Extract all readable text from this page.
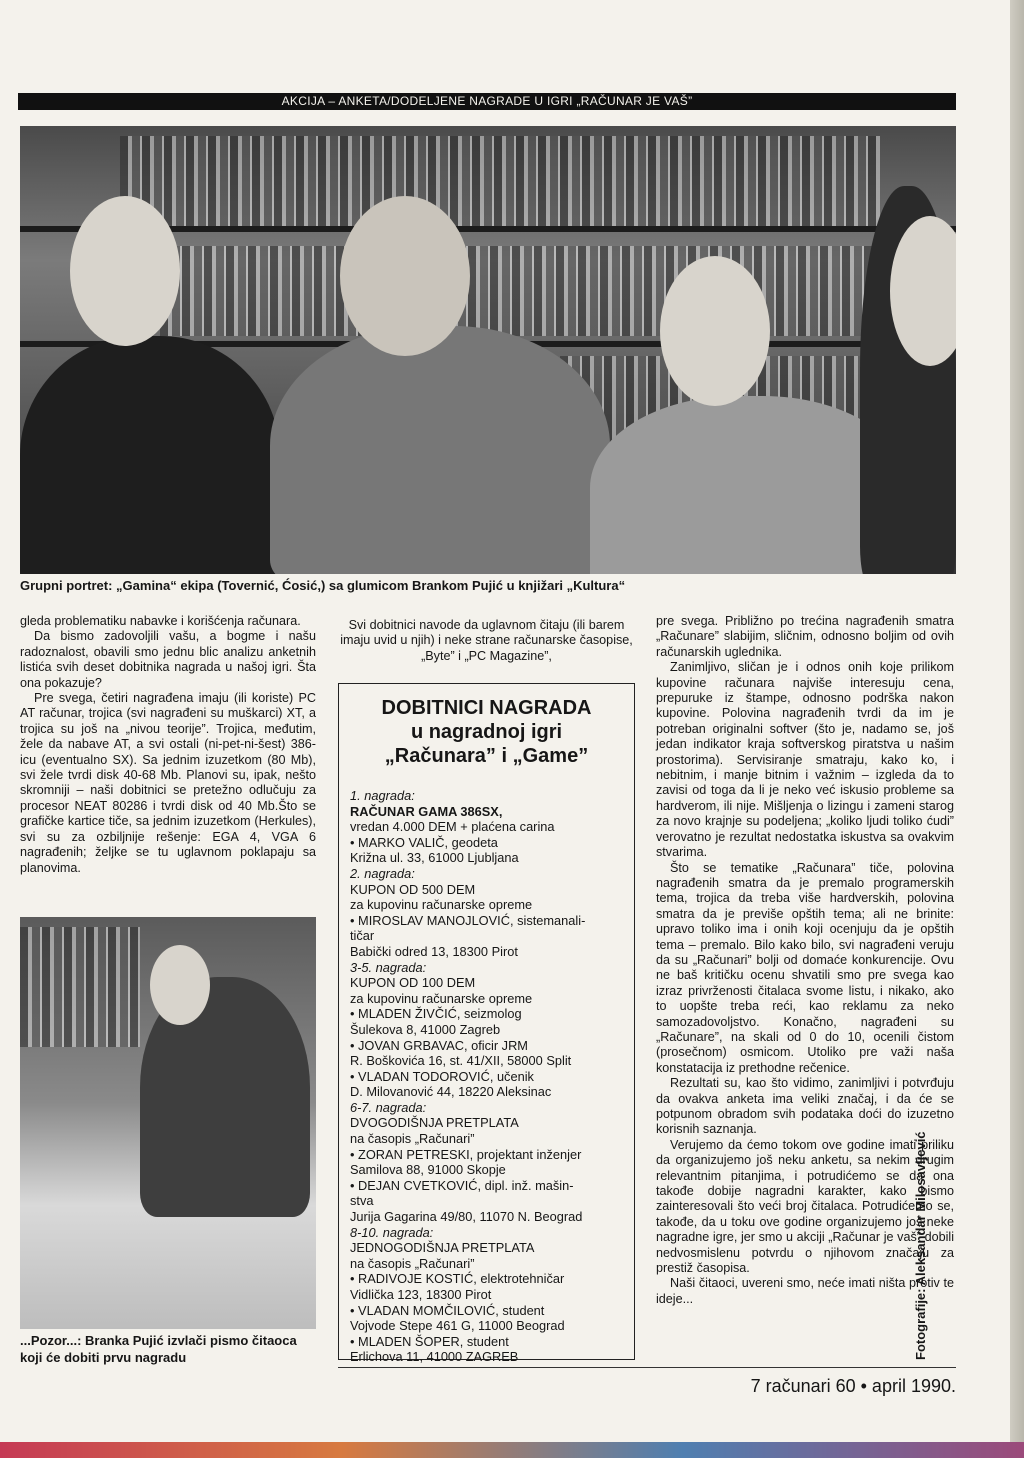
AKCIJA – ANKETA/DODELJENE NAGRADE U IGRI „RAČUNAR JE VAŠ”
Grupni portret: „Gamina“ ekipa (Tovernić, Ćosić,) sa glumicom Brankom Pujić u knjižari „Kultura“

gleda problematiku nabavke i korišćenja računara.

Da bismo zadovoljili vašu, a bogme i našu radoznalost, obavili smo jednu blic analizu anketnih listića svih deset dobitnika nagrada u našoj igri. Šta ona pokazuje?

Pre svega, četiri nagrađena imaju (ili koriste) PC AT računar, trojica (svi nagrađeni su muškarci) XT, a trojica su još na „nivou teorije”. Trojica, međutim, žele da nabave AT, a svi ostali (ni-pet-ni-šest) 386-icu (eventualno SX). Sa jednim izuzetkom (80 Mb), svi žele tvrdi disk 40-68 Mb. Planovi su, ipak, nešto skromniji – naši dobitnici se pretežno odlučuju za procesor NEAT 80286 i tvrdi disk od 40 Mb.Što se grafičke kartice tiče, sa jednim izuzetkom (Herkules), svi su za ozbiljnije rešenje: EGA 4, VGA 6 nagrađenih; željke se tu uglavnom poklapaju sa planovima.

...Pozor...: Branka Pujić izvlači pismo čitaoca koji će dobiti prvu nagradu
Svi dobitnici navode da uglavnom čitaju (ili barem imaju uvid u njih) i neke strane računarske časopise, „Byte” i „PC Magazine”,
DOBITNICI NAGRADA
u nagradnoj igri
„Računara” i „Game”
1. nagrada:
RAČUNAR GAMA 386SX,
vredan 4.000 DEM + plaćena carina
• MARKO VALIČ, geodeta
Križna ul. 33, 61000 Ljubljana
2. nagrada:
KUPON OD 500 DEM
za kupovinu računarske opreme
• MIROSLAV MANOJLOVIĆ, sistemanali-
tičar
Babički odred 13, 18300 Pirot
3-5. nagrada:
KUPON OD 100 DEM
za kupovinu računarske opreme
• MLADEN ŽIVČIĆ, seizmolog
Šulekova 8, 41000 Zagreb
• JOVAN GRBAVAC, oficir JRM
R. Boškovića 16, st. 41/XII, 58000 Split
• VLADAN TODOROVIĆ, učenik
D. Milovanović 44, 18220 Aleksinac
6-7. nagrada:
DVOGODIŠNJA PRETPLATA
na časopis „Računari”
• ZORAN PETRESKI, projektant inženjer
Samilova 88, 91000 Skopje
• DEJAN CVETKOVIĆ, dipl. inž. mašin-
stva
Jurija Gagarina 49/80, 11070 N. Beograd
8-10. nagrada:
JEDNOGODIŠNJA PRETPLATA
na časopis „Računari”
• RADIVOJE KOSTIĆ, elektrotehničar
Vidlička 123, 18300 Pirot
• VLADAN MOMČILOVIĆ, student
Vojvode Stepe 461 G, 11000 Beograd
• MLADEN ŠOPER, student
Erlichova 11, 41000 ZAGREB

pre svega. Približno po trećina nagrađenih smatra „Računare” slabijim, sličnim, odnosno boljim od ovih računarskih uglednika.

Zanimljivo, sličan je i odnos onih koje prilikom kupovine računara najviše interesuju cena, prepuruke iz štampe, odnosno podrška nakon kupovine. Polovina nagrađenih tvrdi da im je potreban originalni softver (što je, nadamo se, još jedan indikator kraja softverskog piratstva u našim prostorima). Servisiranje smatraju, kako ko, i nebitnim, i manje bitnim i važnim – izgleda da to zavisi od toga da li je neko već iskusio probleme sa hardverom, ili nije. Mišljenja o lizingu i zameni starog za novo krajnje su podeljena; „koliko ljudi toliko ćudi” verovatno je rezultat nedostatka iskustva sa ovakvim stvarima.

Što se tematike „Računara” tiče, polovina nagrađenih smatra da je premalo programerskih tema, trojica da treba više hardverskih, polovina smatra da je previše opštih tema; ali ne brinite: upravo toliko ima i onih koji ocenjuju da je opštih tema – premalo. Bilo kako bilo, svi nagrađeni veruju da su „Računari” bolji od domaće konkurencije. Ovu ne baš kritičku ocenu shvatili smo pre svega kao izraz privrženosti čitalaca svome listu, i nikako, ako to uopšte treba reći, kao reklamu za neko samozadovoljstvo. Konačno, nagrađeni su „Računare”, na skali od 0 do 10, ocenili čistom (prosečnom) osmicom. Utoliko pre važi naša konstatacija iz prethodne rečenice.

Rezultati su, kao što vidimo, zanimljivi i potvrđuju da ovakva anketa ima veliki značaj, i da će se potpunom obradom svih podataka doći do izuzetno korisnih saznanja.

Verujemo da ćemo tokom ove godine imati priliku da organizujemo još neku anketu, sa nekim drugim relevantnim pitanjima, i potrudićemo se da ona takođe dobije nagradni karakter, kako bismo zainteresovali što veći broj čitalaca. Potrudićemo se, takođe, da u toku ove godine organizujemo još neke nagradne igre, jer smo u akciji „Računar je vaš” dobili nedvosmislenu potvrdu o njihovom značaju za prestiž časopisa.

Naši čitaoci, uvereni smo, neće imati ništa protiv te ideje...	Fotografije: Aleksandar Milosavljević
7 računari 60 • april 1990.
